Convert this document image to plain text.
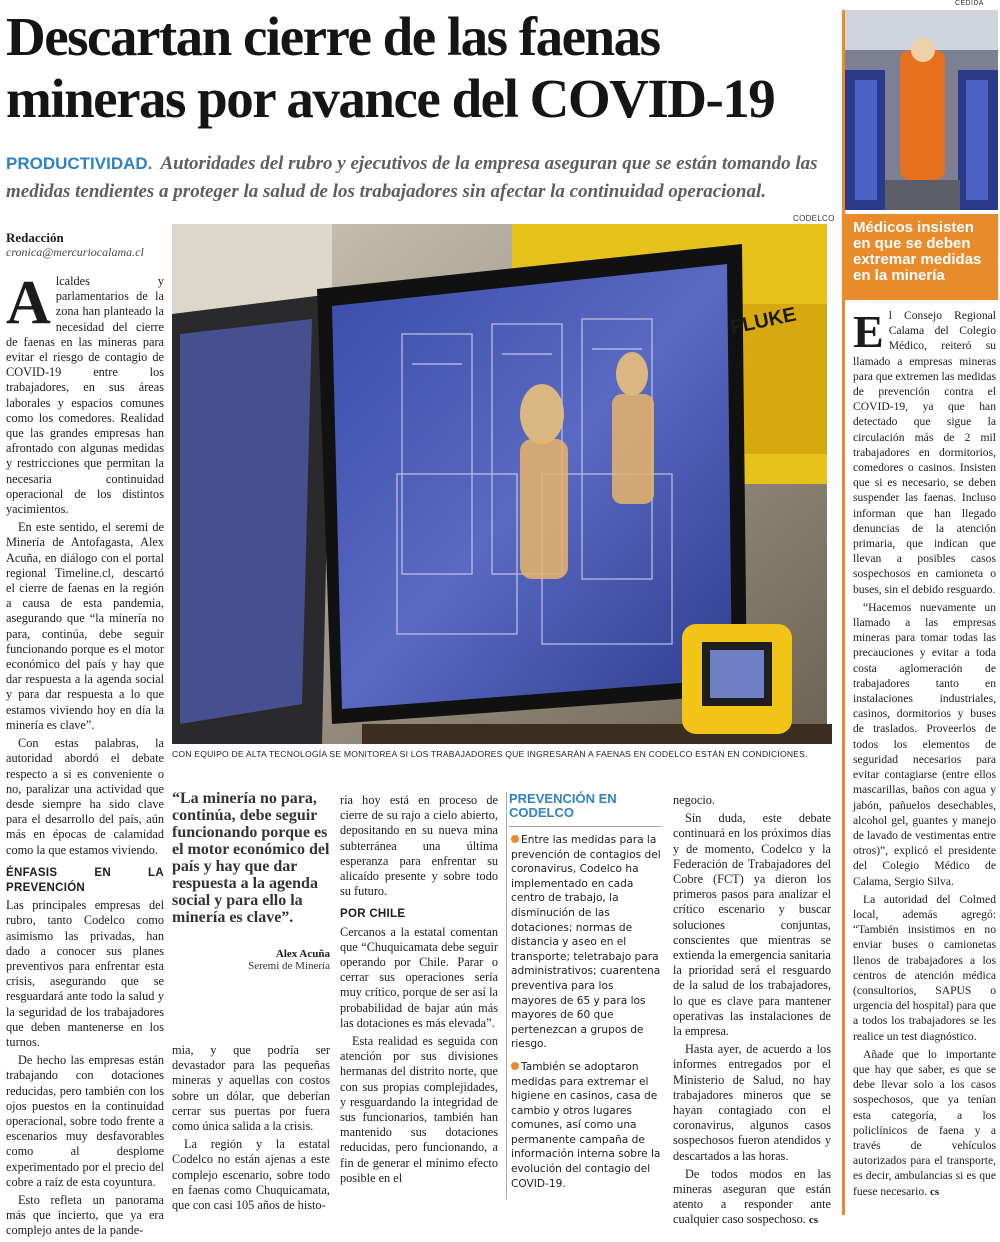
Descartan cierre de las faenas mineras por avance del COVID-19
PRODUCTIVIDAD. Autoridades del rubro y ejecutivos de la empresa aseguran que se están tomando las medidas tendientes a proteger la salud de los trabajadores sin afectar la continuidad operacional.
Redacción
cronica@mercuriocalama.cl
CODELCO
FLUKE
CON EQUIPO DE ALTA TECNOLOGÍA SE MONITOREA SI LOS TRABAJADORES QUE INGRESARÁN A FAENAS EN CODELCO ESTÁN EN CONDICIONES.

Alcaldes y parlamentarios de la zona han planteado la necesidad del cierre de faenas en las mineras para evitar el riesgo de contagio de COVID-19 entre los trabajadores, en sus áreas laborales y espacios comunes como los comedores. Realidad que las grandes empresas han afrontado con algunas medidas y restricciones que permitan la necesaria continuidad operacional de los distintos yacimientos.

En este sentido, el seremi de Minería de Antofagasta, Alex Acuña, en diálogo con el portal regional Timeline.cl, descartó el cierre de faenas en la región a causa de esta pandemia, asegurando que “la minería no para, continúa, debe seguir funcionando porque es el motor económico del país y hay que dar respuesta a la agenda social y para dar respuesta a lo que estamos viviendo hoy en día la minería es clave”.

Con estas palabras, la autoridad abordó el debate respecto a si es conveniente o no, paralizar una actividad que desde siempre ha sido clave para el desarrollo del país, aún más en épocas de calamidad como la que estamos viviendo.

ÉNFASIS EN LA PREVENCIÓN

Las principales empresas del rubro, tanto Codelco como asimismo las privadas, han dado a conocer sus planes preventivos para enfrentar esta crisis, asegurando que se resguardará ante todo la salud y la seguridad de los trabajadores que deben mantenerse en los turnos.

De hecho las empresas están trabajando con dotaciones reducidas, pero también con los ojos puestos en la continuidad operacional, sobre todo frente a escenarios muy desfavorables como al desplome experimentado por el precio del cobre a raíz de esta coyuntura.

Esto refleta un panorama más que incierto, que ya era complejo antes de la pande-

“La minería no para, continúa, debe seguir funcionando porque es el motor económico del país y hay que dar respuesta a la agenda social y para ello la minería es clave”.
Alex Acuña
Seremi de Minería

mia, y que podría ser devastador para las pequeñas mineras y aquellas con costos sobre un dólar, que deberían cerrar sus puertas por fuera como única salida a la crisis.

La región y la estatal Codelco no están ajenas a este complejo escenario, sobre todo en faenas como Chuquicamata, que con casi 105 años de histo-

ria hoy está en proceso de cierre de su rajo a cielo abierto, depositando en su nueva mina subterránea una última esperanza para enfrentar su alicaído presente y sobre todo su futuro.

POR CHILE

Cercanos a la estatal comentan que “Chuquicamata debe seguir operando por Chile. Parar o cerrar sus operaciones sería muy crítico, porque de ser así la probabilidad de bajar aún más las dotaciones es más elevada”.

Esta realidad es seguida con atención por sus divisiones hermanas del distrito norte, que con sus propias complejidades, y resguardando la integridad de sus funcionarios, también han mantenido sus dotaciones reducidas, pero funcionando, a fin de generar el mínimo efecto posible en el

PREVENCIÓN EN CODELCO
Entre las medidas para la prevención de contagios del coronavirus, Codelco ha implementado en cada centro de trabajo, la disminución de las dotaciones; normas de distancia y aseo en el transporte; teletrabajo para administrativos; cuarentena preventiva para los mayores de 65 y para los mayores de 60 que pertenezcan a grupos de riesgo.
También se adoptaron medidas para extremar el higiene en casinos, casa de cambio y otros lugares comunes, así como una permanente campaña de información interna sobre la evolución del contagio del COVID-19.

negocio.

Sin duda, este debate continuará en los próximos días y de momento, Codelco y la Federación de Trabajadores del Cobre (FCT) ya dieron los primeros pasos para analizar el crítico escenario y buscar soluciones conjuntas, conscientes que mientras se extienda la emergencia sanitaria la prioridad será el resguardo de la salud de los trabajadores, lo que es clave para mantener operativas las instalaciones de la empresa.

Hasta ayer, de acuerdo a los informes entregados por el Ministerio de Salud, no hay trabajadores mineros que se hayan contagiado con el coronavirus, algunos casos sospechosos fueron atendidos y descartados a las horas.

De todos modos en las mineras aseguran que están atento a responder ante cualquier caso sospechoso. cs

CEDIDA
Médicos insisten en que se deben extremar medidas en la minería

El Consejo Regional Calama del Colegio Médico, reiteró su llamado a empresas mineras para que extremen las medidas de prevención contra el COVID-19, ya que han detectado que sigue la circulación más de 2 mil trabajadores en dormitorios, comedores o casinos. Insisten que si es necesario, se deben suspender las faenas. Incluso informan que han llegado denuncias de la atención primaria, que indican que llevan a posibles casos sospechosos en camioneta o buses, sin el debido resguardo.

“Hacemos nuevamente un llamado a las empresas mineras para tomar todas las precauciones y evitar a toda costa aglomeración de trabajadores tanto en instalaciones industriales, casinos, dormitorios y buses de traslados. Proveerlos de todos los elementos de seguridad necesarios para evitar contagiarse (entre ellos mascarillas, baños con agua y jabón, pañuelos desechables, alcohol gel, guantes y manejo de lavado de vestimentas entre otros)”, explicó el presidente del Colegio Médico de Calama, Sergio Silva.

La autoridad del Colmed local, además agregó: “También insistimos en no enviar buses o camionetas llenos de trabajadores a los centros de atención médica (consultorios, SAPUS o urgencia del hospital) para que a todos los trabajadores se les realice un test diagnóstico.

Añade que lo importante que hay que saber, es que se debe llevar solo a los casos sospechosos, que ya tenían esta categoría, a los policlínicos de faena y a través de vehículos autorizados para el transporte, es decir, ambulancias si es que fuese necesario. cs
